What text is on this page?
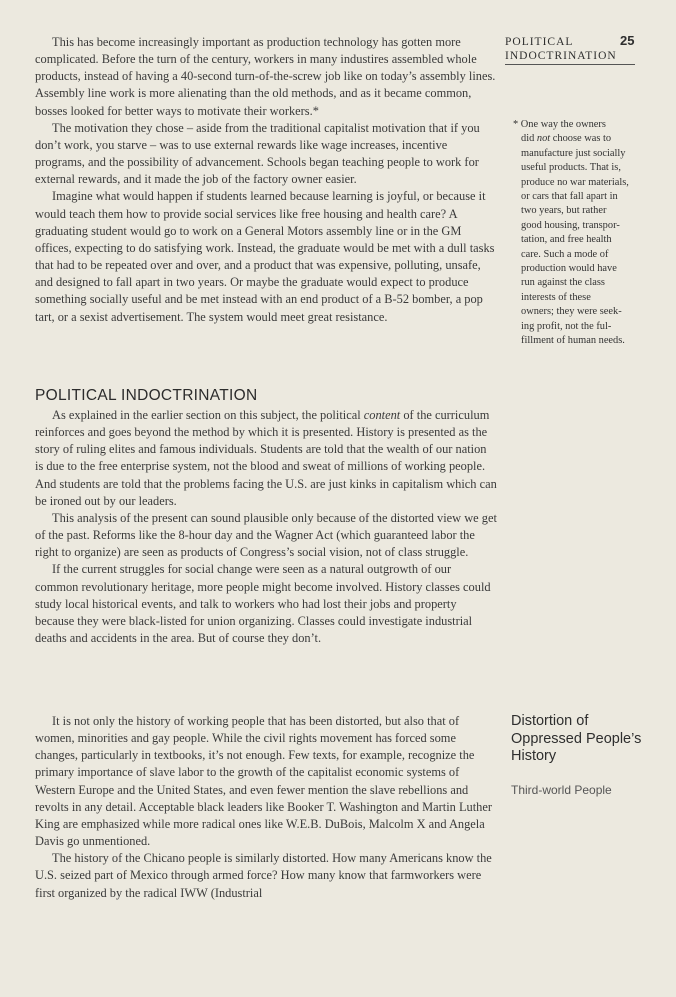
POLITICAL
INDOCTRINATION
25
* One way the owners
did not choose was to
manufacture just socially
useful products. That is,
produce no war materials,
or cars that fall apart in
two years, but rather
good housing, transpor-
tation, and free health
care. Such a mode of
production would have
run against the class
interests of these
owners; they were seek-
ing profit, not the ful-
fillment of human needs.

This has become increasingly important as production technology has gotten more complicated. Before the turn of the century, workers in many industires assembled whole products, instead of having a 40-second turn-of-the-screw job like on today’s assembly lines. Assembly line work is more alienating than the old methods, and as it became common, bosses looked for better ways to motivate their workers.*

The motivation they chose – aside from the traditional capitalist motivation that if you don’t work, you starve – was to use external rewards like wage increases, incentive programs, and the possibility of advancement. Schools began teaching people to work for external rewards, and it made the job of the factory owner easier.

Imagine what would happen if students learned because learning is joyful, or because it would teach them how to provide social services like free housing and health care? A graduating student would go to work on a General Motors assembly line or in the GM offices, expecting to do satisfying work. Instead, the graduate would be met with a dull tasks that had to be repeated over and over, and a product that was expensive, polluting, unsafe, and designed to fall apart in two years. Or maybe the graduate would expect to produce something socially useful and be met instead with an end product of a B-52 bomber, a pop tart, or a sexist advertisement. The system would meet great resistance.

POLITICAL INDOCTRINATION

As explained in the earlier section on this subject, the political content of the curriculum reinforces and goes beyond the method by which it is presented. History is presented as the story of ruling elites and famous individuals. Students are told that the wealth of our nation is due to the free enterprise system, not the blood and sweat of millions of working people. And students are told that the problems facing the U.S. are just kinks in capitalism which can be ironed out by our leaders.

This analysis of the present can sound plausible only because of the distorted view we get of the past. Reforms like the 8-hour day and the Wagner Act (which guaranteed labor the right to organize) are seen as products of Congress’s social vision, not of class struggle.

If the current struggles for social change were seen as a natural outgrowth of our common revolutionary heritage, more people might become involved. History classes could study local historical events, and talk to workers who had lost their jobs and property because they were black-listed for union organizing. Classes could investigate industrial deaths and accidents in the area. But of course they don’t.

It is not only the history of working people that has been distorted, but also that of women, minorities and gay people. While the civil rights movement has forced some changes, particularly in textbooks, it’s not enough. Few texts, for example, recognize the primary importance of slave labor to the growth of the capitalist economic systems of Western Europe and the United States, and even fewer mention the slave rebellions and revolts in any detail. Acceptable black leaders like Booker T. Washington and Martin Luther King are emphasized while more radical ones like W.E.B. DuBois, Malcolm X and Angela Davis go unmentioned.

The history of the Chicano people is similarly distorted. How many Americans know the U.S. seized part of Mexico through armed force? How many know that farmworkers were first organized by the radical IWW (Industrial

Distortion of
Oppressed People’s
History
Third-world People
